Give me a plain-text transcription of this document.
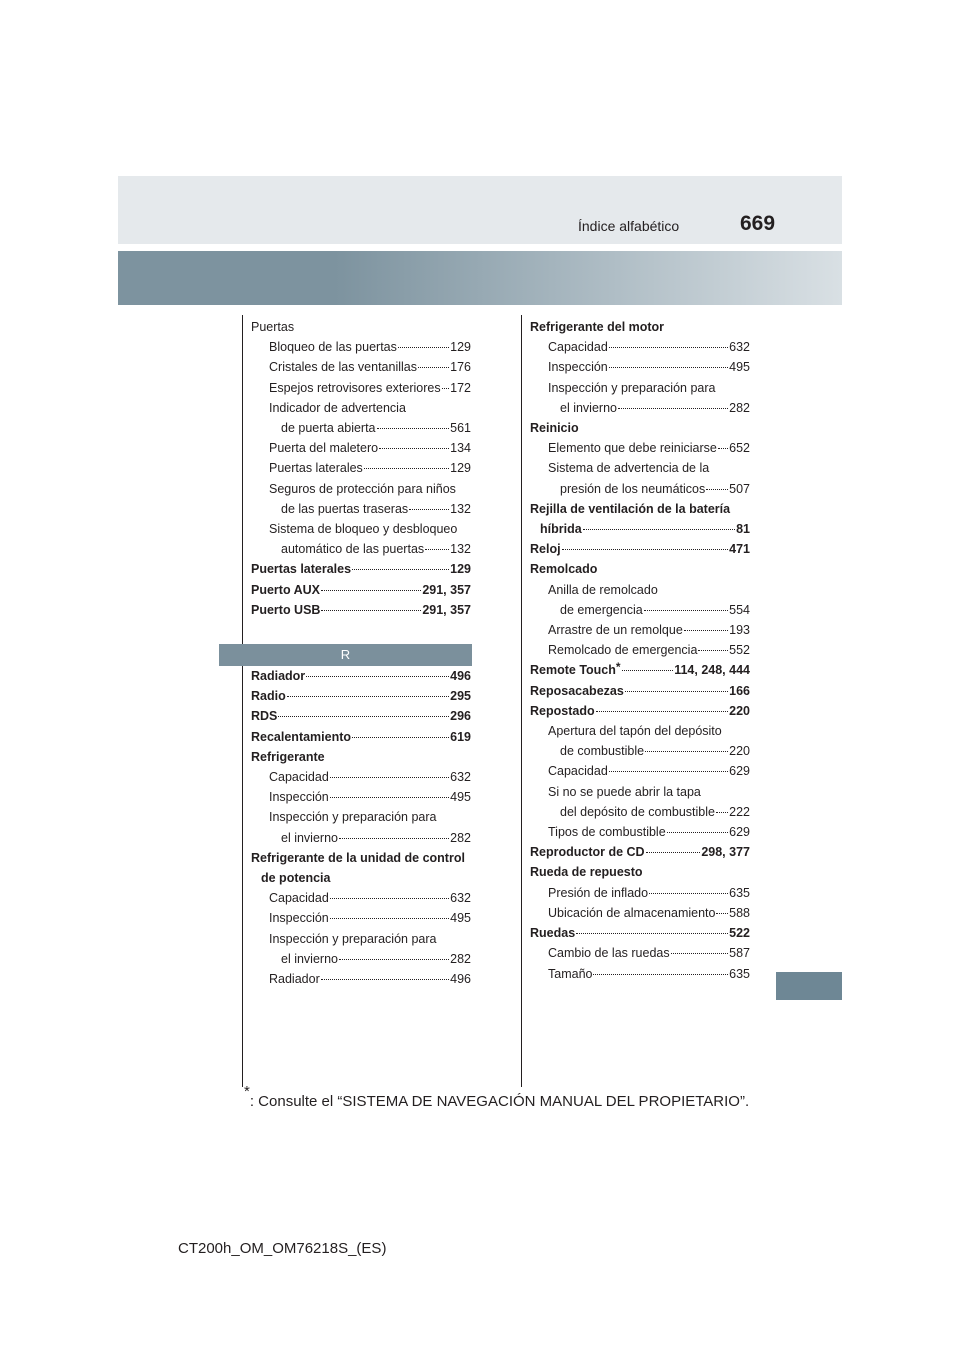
Índice alfabético	669
Puertas
Bloqueo de las puertas	129
Cristales de las ventanillas	176
Espejos retrovisores exteriores 172
Indicador de advertencia
de puerta abierta	561
Puerta del maletero	134
Puertas laterales	129
Seguros de protección para niños
de las puertas traseras	132
Sistema de bloqueo y desbloqueo
automático de las puertas 132
Puertas laterales	129
Puerto AUX	291, 357
Puerto USB	291, 357
R
Radiador	496
Radio	295
RDS	296
Recalentamiento	619
Refrigerante
Capacidad	632
Inspección	495
Inspección y preparación para
el invierno	282
Refrigerante de la unidad de control
de potencia
Capacidad	632
Inspección	495
Inspección y preparación para
el invierno	282
Radiador	496
Refrigerante del motor
Capacidad	632
Inspección	495
Inspección y preparación para
el invierno	282
Reinicio
Elemento que debe reiniciarse 652
Sistema de advertencia de la
presión de los neumáticos 507
Rejilla de ventilación de la batería
híbrida	81
Reloj	471
Remolcado
Anilla de remolcado
de emergencia	554
Arrastre de un remolque	193
Remolcado de emergencia	552
Remote Touch*	114, 248, 444
Reposacabezas	166
Repostado	220
Apertura del tapón del depósito
de combustible	220
Capacidad	629
Si no se puede abrir la tapa
del depósito de combustible 222
Tipos de combustible	629
Reproductor de CD	298, 377
Rueda de repuesto
Presión de inflado	635
Ubicación de almacenamiento 588
Ruedas	522
Cambio de las ruedas	587
Tamaño	635
*: Consulte el “SISTEMA DE NAVEGACIÓN MANUAL DEL PROPIETARIO”.
CT200h_OM_OM76218S_(ES)
